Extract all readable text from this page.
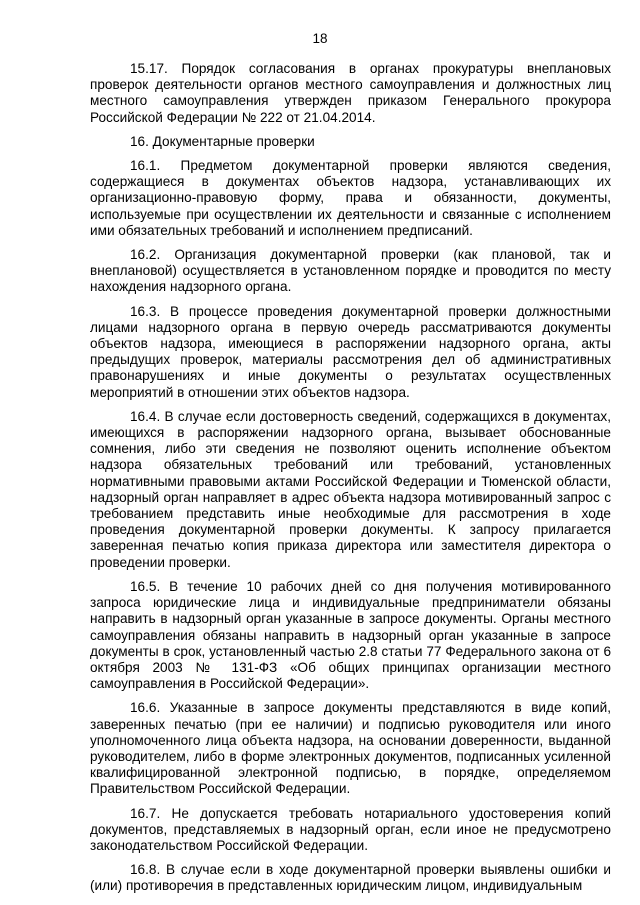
18

15.17. Порядок согласования в органах прокуратуры внеплановых проверок деятельности органов местного самоуправления и должностных лиц местного самоуправления утвержден приказом Генерального прокурора Российской Федерации № 222 от 21.04.2014.

16. Документарные проверки

16.1. Предметом документарной проверки являются сведения, содержащиеся в документах объектов надзора, устанавливающих их организационно-правовую форму, права и обязанности, документы, используемые при осуществлении их деятельности и связанные с исполнением ими обязательных требований и исполнением предписаний.

16.2. Организация документарной проверки (как плановой, так и внеплановой) осуществляется в установленном порядке и проводится по месту нахождения надзорного органа.

16.3. В процессе проведения документарной проверки должностными лицами надзорного органа в первую очередь рассматриваются документы объектов надзора, имеющиеся в распоряжении надзорного органа, акты предыдущих проверок, материалы рассмотрения дел об административных правонарушениях и иные документы о результатах осуществленных мероприятий в отношении этих объектов надзора.

16.4. В случае если достоверность сведений, содержащихся в документах, имеющихся в распоряжении надзорного органа, вызывает обоснованные сомнения, либо эти сведения не позволяют оценить исполнение объектом надзора обязательных требований или требований, установленных нормативными правовыми актами Российской Федерации и Тюменской области, надзорный орган направляет в адрес объекта надзора мотивированный запрос с требованием представить иные необходимые для рассмотрения в ходе проведения документарной проверки документы. К запросу прилагается заверенная печатью копия приказа директора или заместителя директора о проведении проверки.

16.5. В течение 10 рабочих дней со дня получения мотивированного запроса юридические лица и индивидуальные предприниматели обязаны направить в надзорный орган указанные в запросе документы. Органы местного самоуправления обязаны направить в надзорный орган указанные в запросе документы в срок, установленный частью 2.8 статьи 77 Федерального закона от 6 октября 2003 № 131-ФЗ «Об общих принципах организации местного самоуправления в Российской Федерации».

16.6. Указанные в запросе документы представляются в виде копий, заверенных печатью (при ее наличии) и подписью руководителя или иного уполномоченного лица объекта надзора, на основании доверенности, выданной руководителем, либо в форме электронных документов, подписанных усиленной квалифицированной электронной подписью, в порядке, определяемом Правительством Российской Федерации.

16.7. Не допускается требовать нотариального удостоверения копий документов, представляемых в надзорный орган, если иное не предусмотрено законодательством Российской Федерации.

16.8. В случае если в ходе документарной проверки выявлены ошибки и (или) противоречия в представленных юридическим лицом, индивидуальным
